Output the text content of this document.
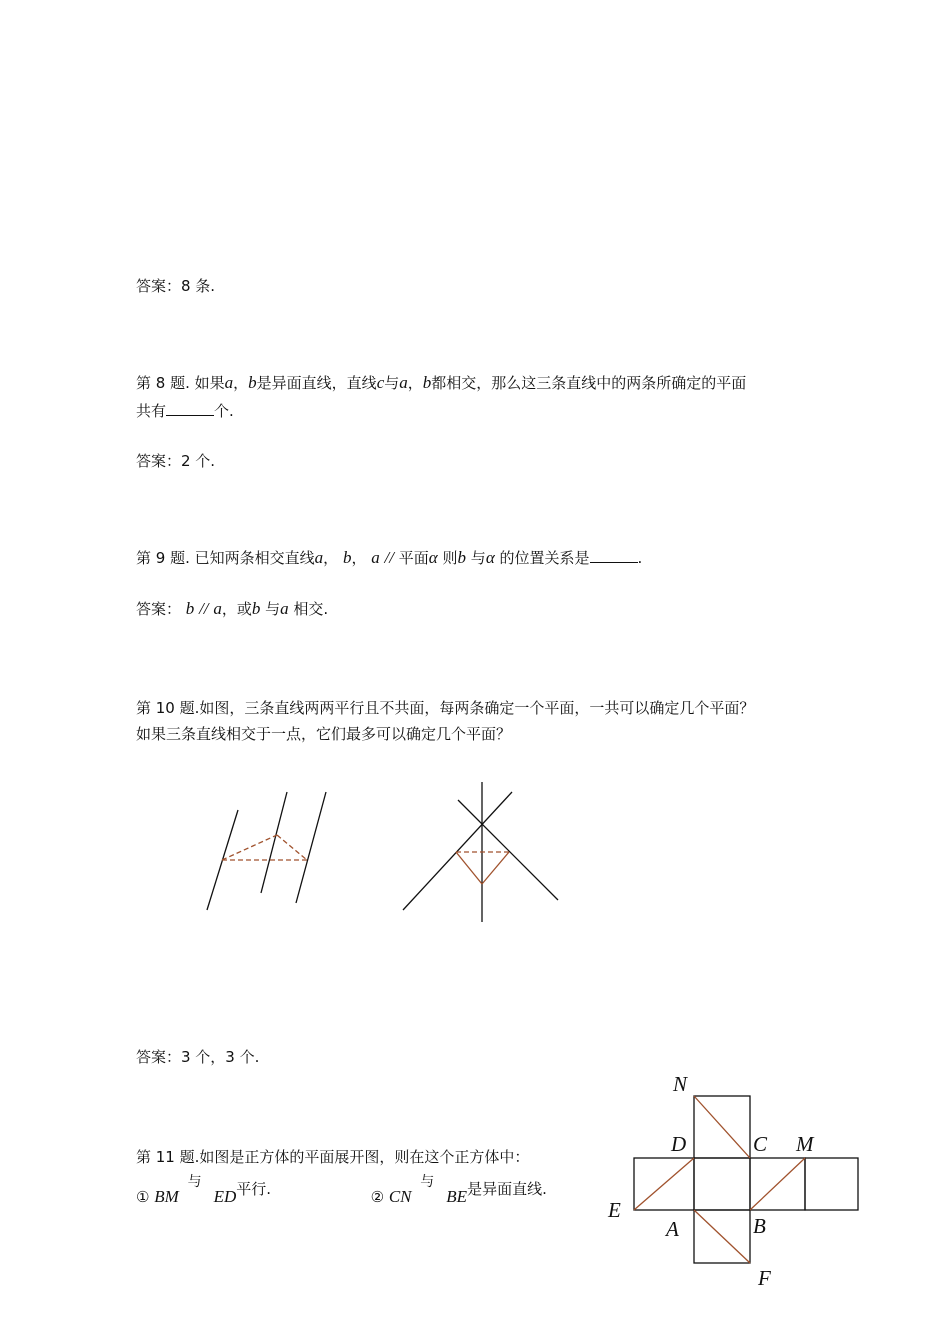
答案：8 条.
第 8 题. 如果a，b是异面直线，直线c与a，b都相交，那么这三条直线中的两条所确定的平面
共有	个.
答案：2 个.
第 9 题. 已知两条相交直线a， b， a // 平面α 则b 与α 的位置关系是	.
答案： b // a，或b 与a 相交.
第 10 题.如图，三条直线两两平行且不共面，每两条确定一个平面，一共可以确定几个平面？
如果三条直线相交于一点，它们最多可以确定几个平面？
答案：3 个，3 个.
第 11 题.如图是正方体的平面展开图，则在这个正方体中：
① BM
与
ED平行.	② CN
与
BE是异面直线.
N
D	C M
E
A	B
F
